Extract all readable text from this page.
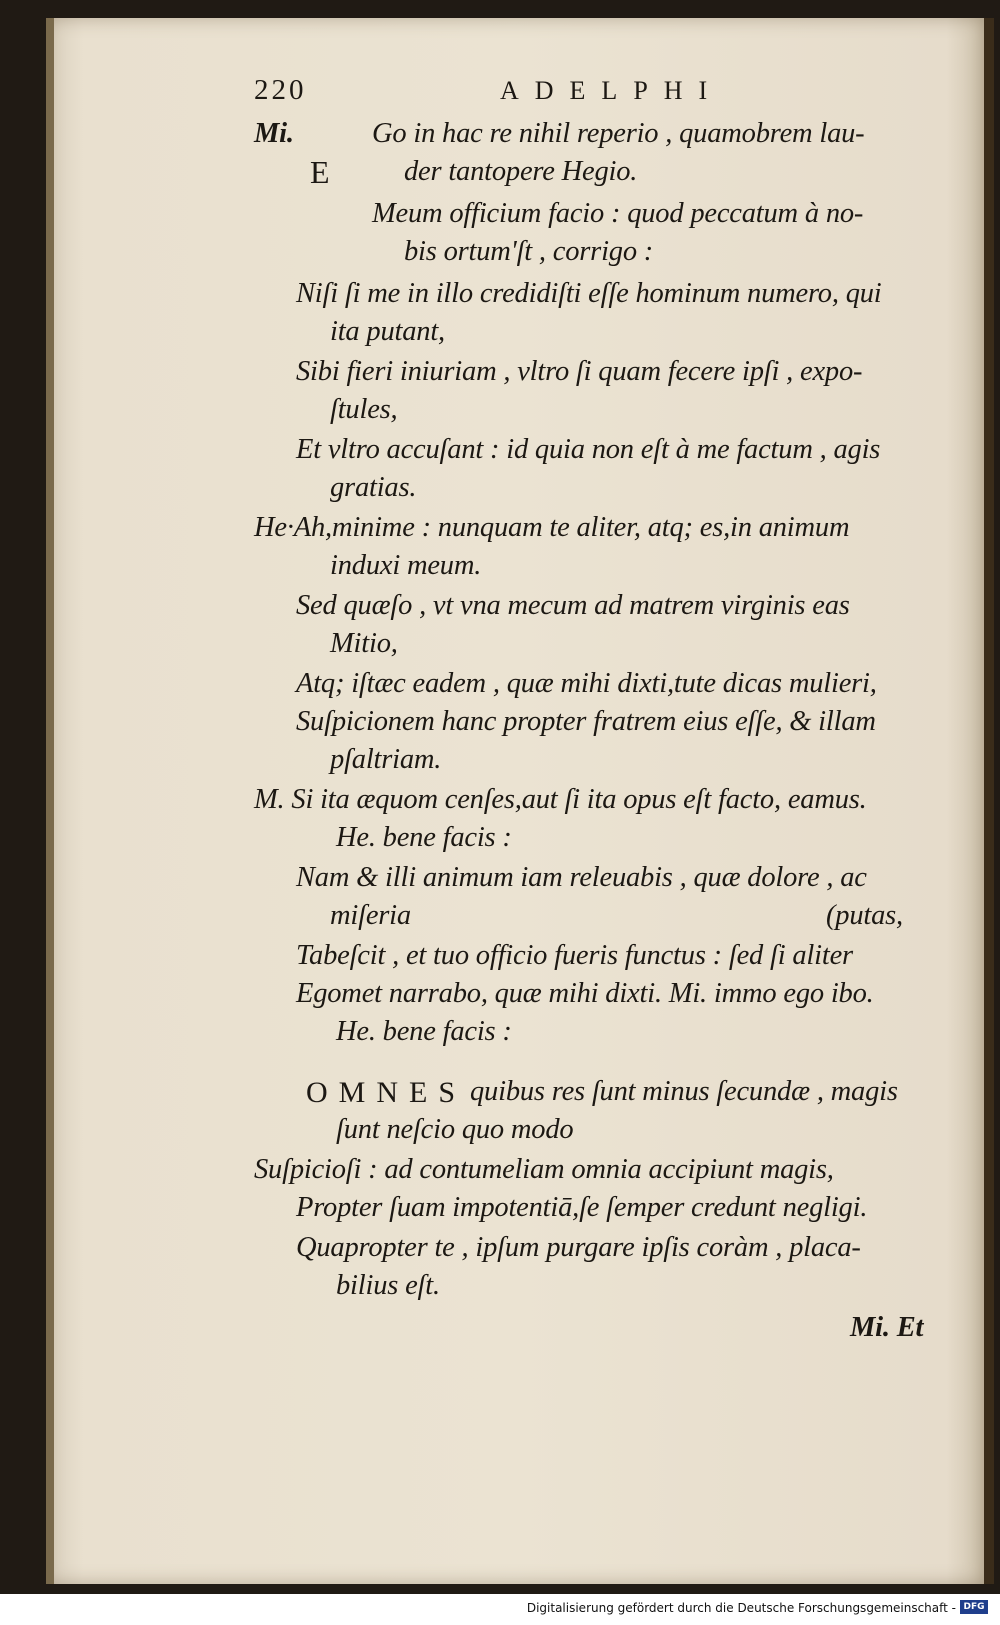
220	ADELPHI
E
Mi.	Go in hac re nihil reperio , quamobrem lau-
der tantopere Hegio.
Meum officium facio : quod peccatum à no-
bis ortum'ſt , corrigo :
Niſi ſi me in illo credidiſti eſſe hominum numero, qui
ita putant,
Sibi fieri iniuriam , vltro ſi quam fecere ipſi , expo-
ſtules,
Et vltro accuſant : id quia non eſt à me factum , agis
gratias.
He·Ah,minime : nunquam te aliter, atq; es,in animum
induxi meum.
Sed quæſo , vt vna mecum ad matrem virginis eas
Mitio,
Atq; iſtæc eadem , quæ mihi dixti,tute dicas mulieri,
Suſpicionem hanc propter fratrem eius eſſe, & illam
pſaltriam.
M. Si ita æquom cenſes,aut ſi ita opus eſt facto, eamus.
He. bene facis :
Nam & illi animum iam releuabis , quæ dolore , ac
miſeria	(putas,
Tabeſcit , et tuo officio fueris functus : ſed ſi aliter
Egomet narrabo, quæ mihi dixti. Mi. immo ego ibo.
He. bene facis :
OMNES quibus res ſunt minus ſecundæ , magis
ſunt neſcio quo modo
Suſpicioſi : ad contumeliam omnia accipiunt magis,
Propter ſuam impotentiā,ſe ſemper credunt negligi.
Quapropter te , ipſum purgare ipſis coràm , placa-
bilius eſt.
Mi. Et
Digitalisierung gefördert durch die Deutsche Forschungsgemeinschaft - DFG
